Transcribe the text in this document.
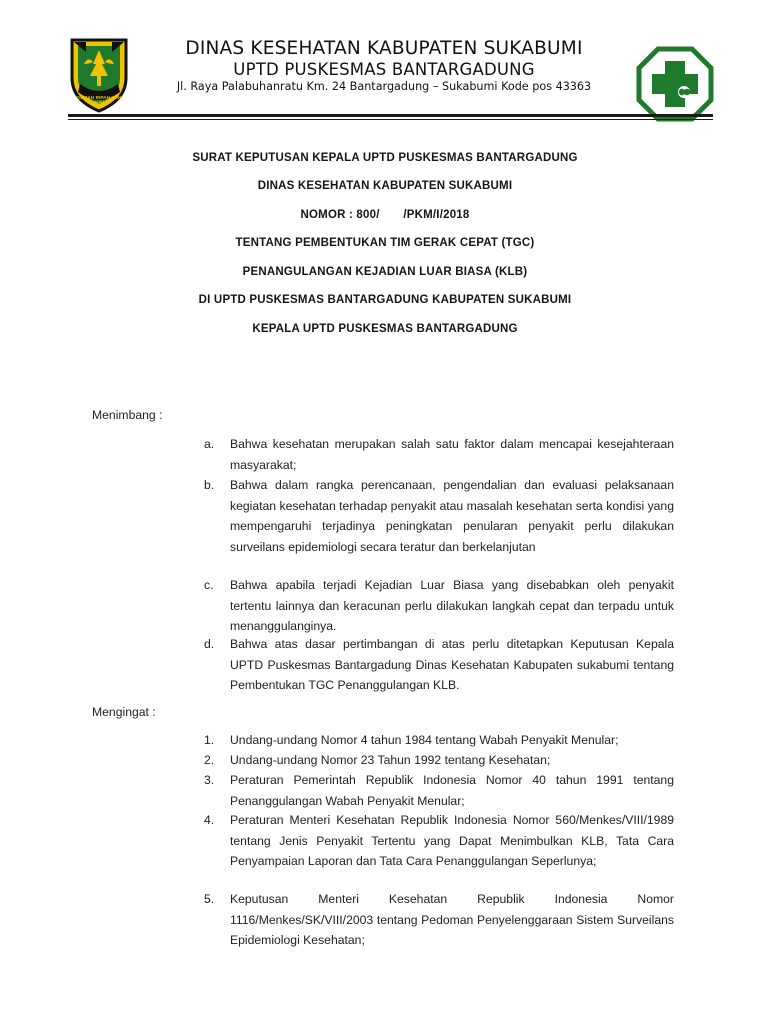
GEMAH RIPAH LOH JINAWI
DINAS KESEHATAN KABUPATEN SUKABUMI
UPTD PUSKESMAS BANTARGADUNG
Jl. Raya Palabuhanratu Km. 24 Bantargadung – Sukabumi Kode pos 43363
SURAT KEPUTUSAN KEPALA UPTD PUSKESMAS BANTARGADUNG
DINAS KESEHATAN KABUPATEN SUKABUMI
NOMOR : 800/       /PKM/I/2018
TENTANG PEMBENTUKAN TIM GERAK CEPAT (TGC)
PENANGULANGAN KEJADIAN LUAR BIASA (KLB)
DI UPTD PUSKESMAS BANTARGADUNG KABUPATEN SUKABUMI
KEPALA UPTD PUSKESMAS BANTARGADUNG
Menimbang :
a.	Bahwa kesehatan merupakan salah satu faktor dalam mencapai kesejahteraan masyarakat;
b.	Bahwa dalam rangka perencanaan, pengendalian dan evaluasi pelaksanaan kegiatan kesehatan terhadap penyakit atau masalah kesehatan serta kondisi yang mempengaruhi terjadinya peningkatan penularan penyakit perlu dilakukan surveilans epidemiologi secara teratur dan berkelanjutan
c.	Bahwa apabila terjadi Kejadian Luar Biasa yang disebabkan oleh penyakit tertentu lainnya dan keracunan perlu dilakukan langkah cepat dan terpadu untuk menanggulanginya.
d.	Bahwa atas dasar pertimbangan di atas perlu ditetapkan Keputusan Kepala UPTD Puskesmas Bantargadung Dinas Kesehatan Kabupaten sukabumi tentang Pembentukan TGC Penanggulangan KLB.
Mengingat :
1.	Undang-undang Nomor 4 tahun 1984 tentang Wabah Penyakit Menular;
2.	Undang-undang Nomor 23 Tahun 1992 tentang Kesehatan;
3.	Peraturan Pemerintah Republik Indonesia Nomor 40 tahun 1991 tentang Penanggulangan Wabah Penyakit Menular;
4.	Peraturan Menteri Kesehatan Republik Indonesia Nomor 560/Menkes/VIII/1989 tentang Jenis Penyakit Tertentu yang Dapat Menimbulkan KLB, Tata Cara Penyampaian Laporan dan Tata Cara Penanggulangan Seperlunya;
5.	Keputusan Menteri Kesehatan Republik Indonesia Nomor 1116/Menkes/SK/VIII/2003 tentang Pedoman Penyelenggaraan Sistem Surveilans Epidemiologi Kesehatan;
